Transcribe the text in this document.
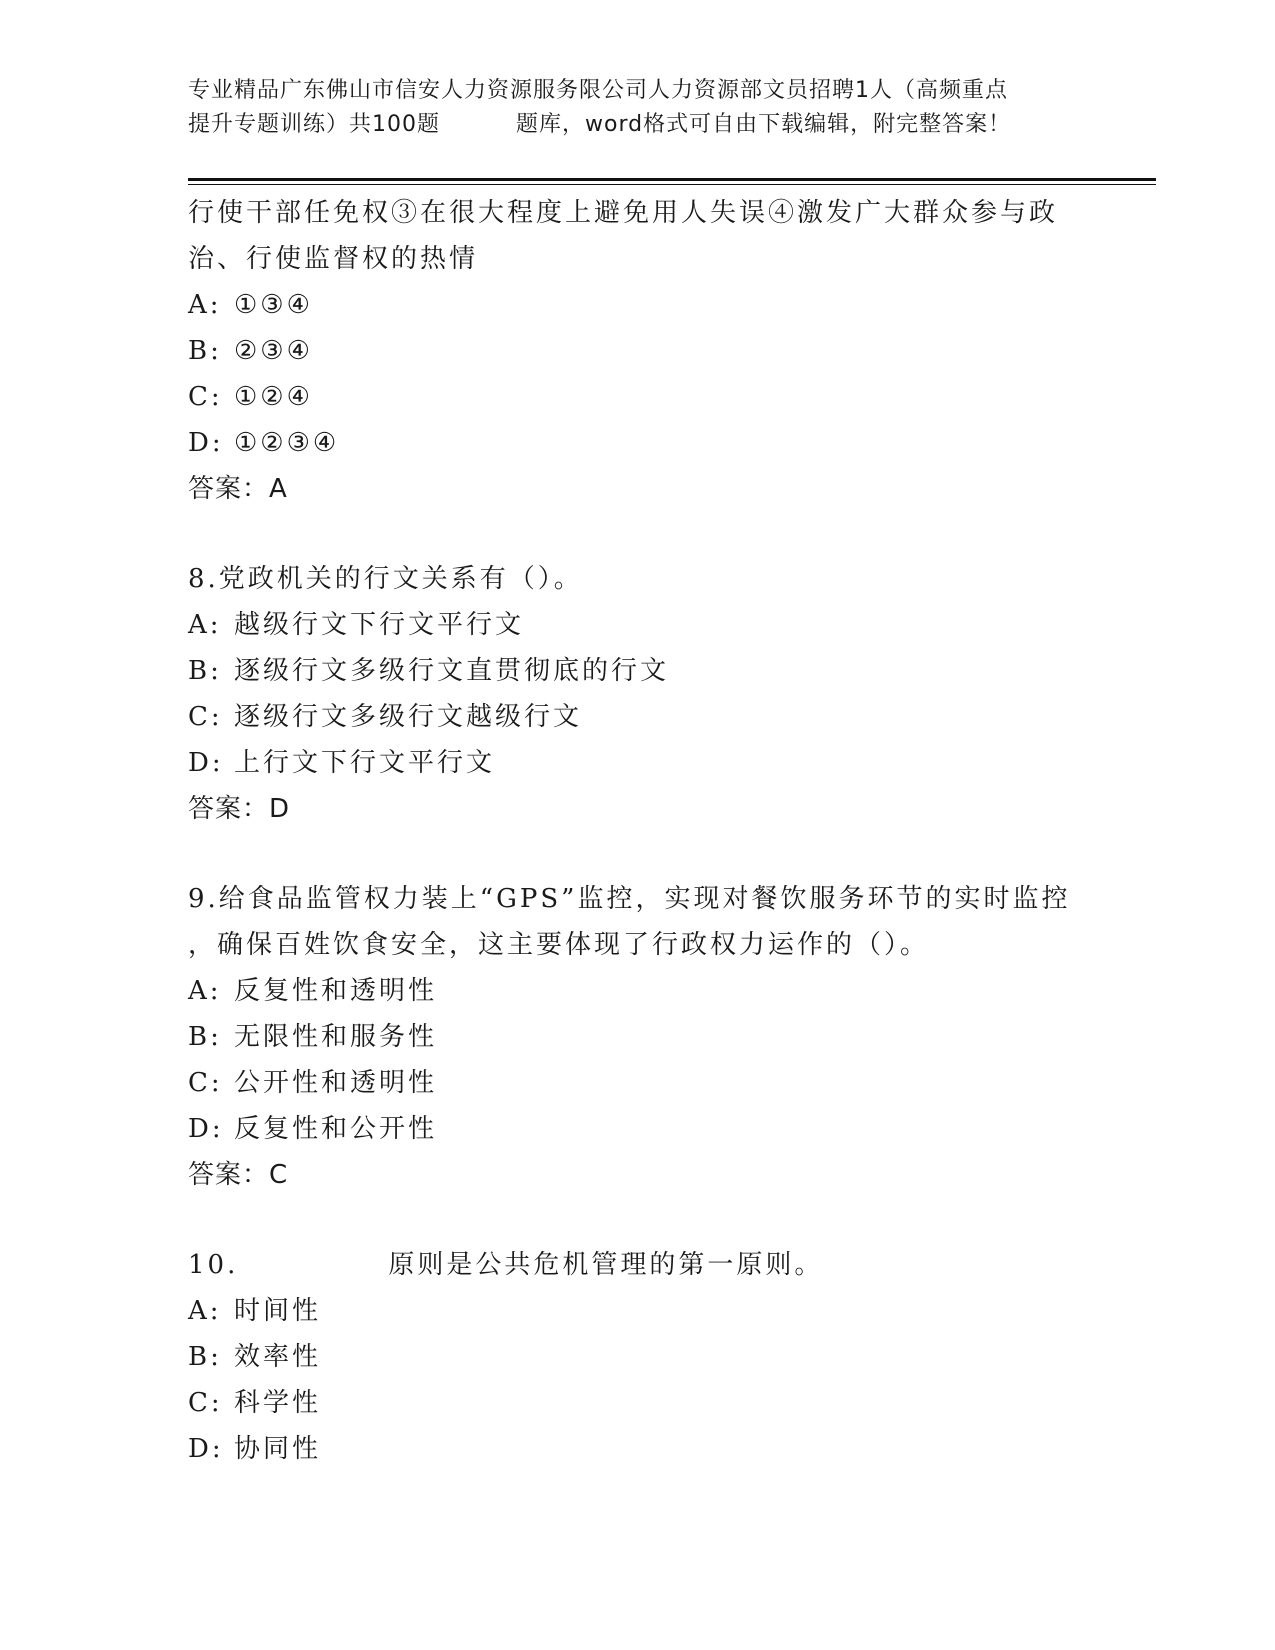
专业精品广东佛山市信安人力资源服务限公司人力资源部文员招聘1人（高频重点
提升专题训练）共100题	题库，word格式可自由下载编辑，附完整答案！
行使干部任免权③在很大程度上避免用人失误④激发广大群众参与政
治、行使监督权的热情
A: ①③④
B: ②③④
C: ①②④
D: ①②③④
答案：A
8.党政机关的行文关系有（）。
A: 越级行文下行文平行文
B: 逐级行文多级行文直贯彻底的行文
C: 逐级行文多级行文越级行文
D: 上行文下行文平行文
答案：D
9.给食品监管权力装上“GPS”监控，实现对餐饮服务环节的实时监控
，确保百姓饮食安全，这主要体现了行政权力运作的（）。
A: 反复性和透明性
B: 无限性和服务性
C: 公开性和透明性
D: 反复性和公开性
答案：C
10.	原则是公共危机管理的第一原则。
A: 时间性
B: 效率性
C: 科学性
D: 协同性
